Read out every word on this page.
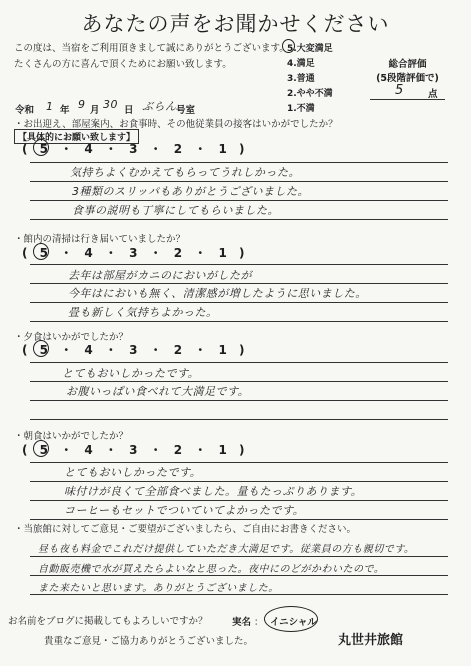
あなたの声をお聞かせください
この度は、当宿をご利用頂きまして誠にありがとうございます。
たくさんの方に喜んで頂くためにお願い致します。
5.大変満足
4.満足
3.普通
2.やや不満
1.不満
総合評価
(5段階評価で)
5	点
令和 1 年 9 月 30 日 ぶらん 号室
・お出迎え、部屋案内、お食事時、その他従業員の接客はいかがでしたか？
【具体的にお願い致します】
( 5 ・ 4 ・ 3 ・ 2 ・ 1 )
気持ちよくむかえてもらってうれしかった。
3種類のスリッパもありがとうございました。
食事の説明も丁寧にしてもらいました。
・館内の清掃は行き届いていましたか？
( 5 ・ 4 ・ 3 ・ 2 ・ 1 )
去年は部屋がカニのにおいがしたが
今年はにおいも無く、清潔感が増したように思いました。
畳も新しく気持ちよかった。
・夕食はいかがでしたか？
( 5 ・ 4 ・ 3 ・ 2 ・ 1 )
とてもおいしかったです。
お腹いっぱい食べれて大満足です。
・朝食はいかがでしたか？
( 5 ・ 4 ・ 3 ・ 2 ・ 1 )
とてもおいしかったです。
味付けが良くて全部食べました。量もたっぷりあります。
コーヒーもセットでついていてよかったです。
・当旅館に対してご意見・ご要望がございましたら、ご自由にお書きください。
昼も夜も料金でこれだけ提供していただき大満足です。従業員の方も親切です。
自動販売機で水が買えたらよいなと思った。夜中にのどがかわいたので。
また来たいと思います。ありがとうございました。
お名前をブログに掲載してもよろしいですか？	実名 ： イニシャル
貴重なご意見・ご協力ありがとうございました。	丸世井旅館
